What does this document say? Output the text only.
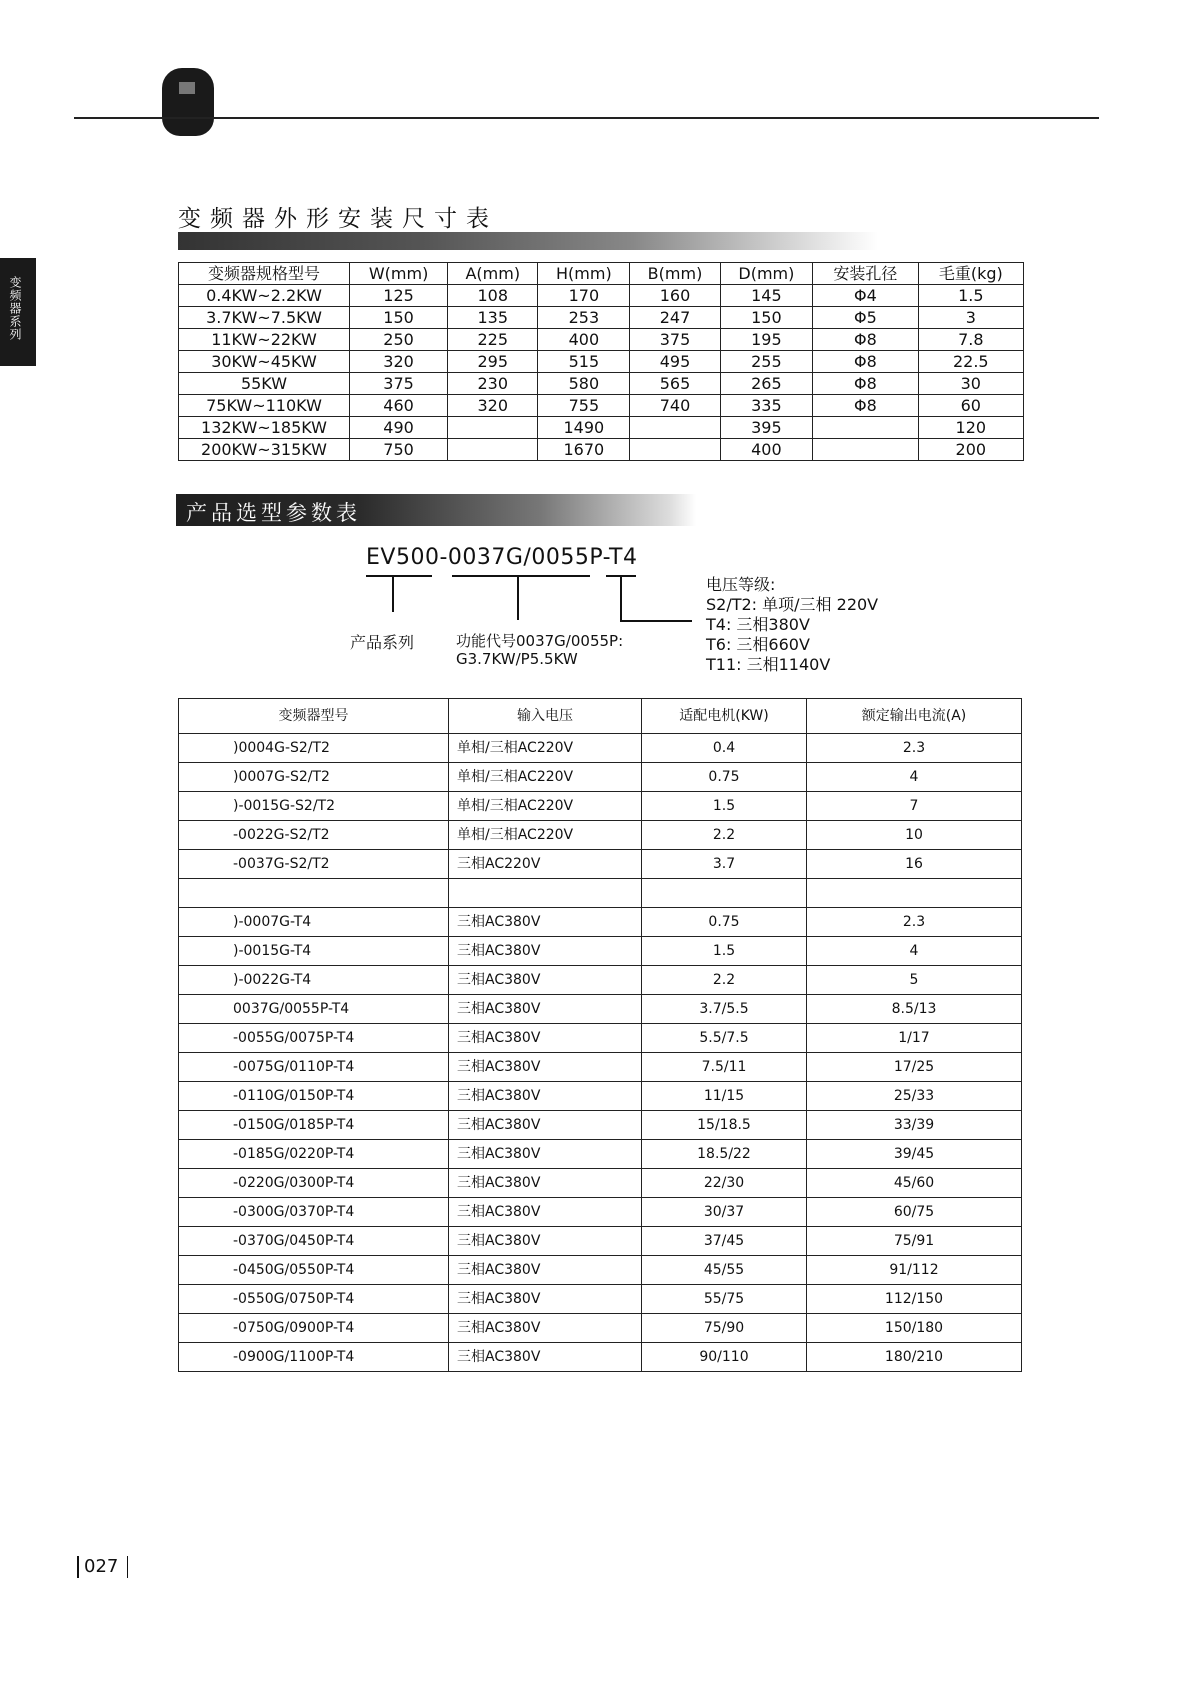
变频器系列
变频器外形安装尺寸表
变频器规格型号	W(mm)	A(mm)	H(mm)	B(mm)	D(mm)	安装孔径	毛重(kg)
0.4KW~2.2KW	125	108	170	160	145	Φ4	1.5
3.7KW~7.5KW	150	135	253	247	150	Φ5	3
11KW~22KW	250	225	400	375	195	Φ8	7.8
30KW~45KW	320	295	515	495	255	Φ8	22.5
55KW	375	230	580	565	265	Φ8	30
75KW~110KW	460	320	755	740	335	Φ8	60
132KW~185KW	490		1490		395		120
200KW~315KW	750		1670		400		200
产品选型参数表
EV500-0037G/0055P-T4
产品系列	功能代号0037G/0055P:
G3.7KW/P5.5KW
电压等级:
S2/T2: 单项/三相 220V
T4: 三相380V
T6: 三相660V
T11: 三相1140V
变频器型号	输入电压	适配电机(KW)	额定输出电流(A)
)0004G-S2/T2	单相/三相AC220V	0.4	2.3
)0007G-S2/T2	单相/三相AC220V	0.75	4
)-0015G-S2/T2	单相/三相AC220V	1.5	7
-0022G-S2/T2	单相/三相AC220V	2.2	10
-0037G-S2/T2	三相AC220V	3.7	16

)-0007G-T4	三相AC380V	0.75	2.3
)-0015G-T4	三相AC380V	1.5	4
)-0022G-T4	三相AC380V	2.2	5
0037G/0055P-T4	三相AC380V	3.7/5.5	8.5/13
-0055G/0075P-T4	三相AC380V	5.5/7.5	1/17
-0075G/0110P-T4	三相AC380V	7.5/11	17/25
-0110G/0150P-T4	三相AC380V	11/15	25/33
-0150G/0185P-T4	三相AC380V	15/18.5	33/39
-0185G/0220P-T4	三相AC380V	18.5/22	39/45
-0220G/0300P-T4	三相AC380V	22/30	45/60
-0300G/0370P-T4	三相AC380V	30/37	60/75
-0370G/0450P-T4	三相AC380V	37/45	75/91
-0450G/0550P-T4	三相AC380V	45/55	91/112
-0550G/0750P-T4	三相AC380V	55/75	112/150
-0750G/0900P-T4	三相AC380V	75/90	150/180
-0900G/1100P-T4	三相AC380V	90/110	180/210
027
